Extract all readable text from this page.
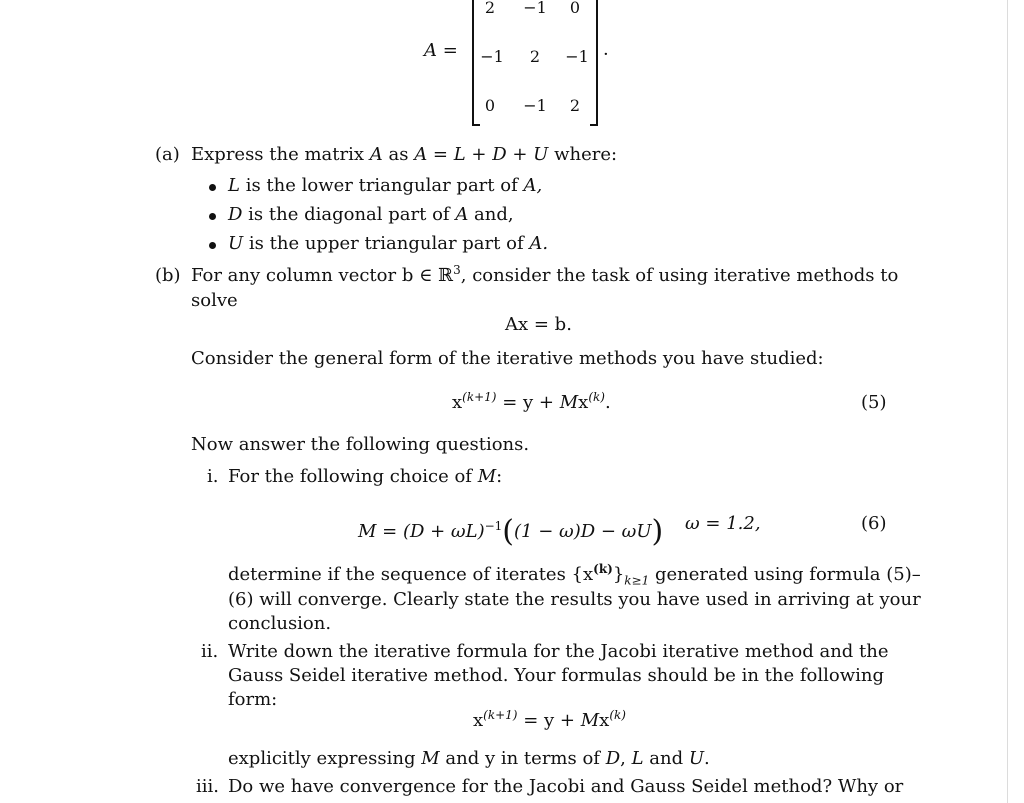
A =
2	−1	0
−1	2	−1
0	−1	2
·
(a) Express the matrix A as A = L + D + U where:
L is the lower triangular part of A,
D is the diagonal part of A and,
U is the upper triangular part of A.
(b) For any column vector b ∈ ℝ$^3$, consider the task of using iterative methods to
solve
Ax = b.
Consider the general form of the iterative methods you have studied:
$x^{(k+1)} = y + Mx^{(k)}$.	(5)
Now answer the following questions.
i. For the following choice of M:
$M = (D + \omega L)^{-1}((1 - \omega)D - \omega U)$ ω = 1.2,	(6)
determine if the sequence of iterates $\{x^{(k)}\}_{k\ge 1}$ generated using formula (5)–
(6) will converge. Clearly state the results you have used in arriving at your
conclusion.
ii. Write down the iterative formula for the Jacobi iterative method and the
Gauss Seidel iterative method. Your formulas should be in the following
form:
$x^{(k+1)} = y + Mx^{(k)}$
explicitly expressing M and y in terms of D, L and U.
iii. Do we have convergence for the Jacobi and Gauss Seidel method? Why or
